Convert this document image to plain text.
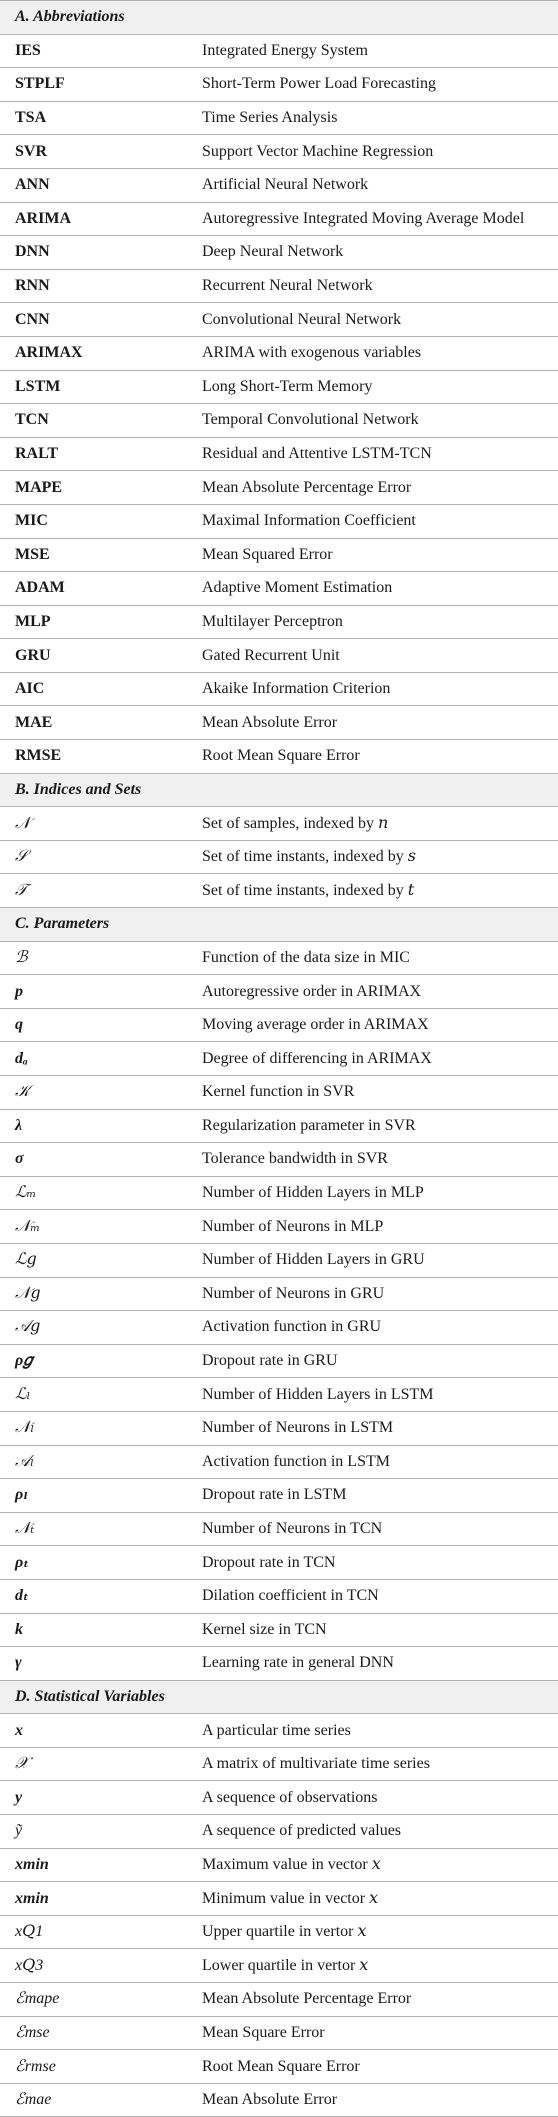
A. Abbreviations	
IES	Integrated Energy System
STPLF	Short-Term Power Load Forecasting
TSA	Time Series Analysis
SVR	Support Vector Machine Regression
ANN	Artificial Neural Network
ARIMA	Autoregressive Integrated Moving Average Model
DNN	Deep Neural Network
RNN	Recurrent Neural Network
CNN	Convolutional Neural Network
ARIMAX	ARIMA with exogenous variables
LSTM	Long Short-Term Memory
TCN	Temporal Convolutional Network
RALT	Residual and Attentive LSTM-TCN
MAPE	Mean Absolute Percentage Error
MIC	Maximal Information Coefficient
MSE	Mean Squared Error
ADAM	Adaptive Moment Estimation
MLP	Multilayer Perceptron
GRU	Gated Recurrent Unit
AIC	Akaike Information Criterion
MAE	Mean Absolute Error
RMSE	Root Mean Square Error
B. Indices and Sets	
𝒩	Set of samples, indexed by 𝑛
𝒮	Set of time instants, indexed by 𝑠
𝒯	Set of time instants, indexed by 𝑡
C. Parameters	
ℬ	Function of the data size in MIC
p	Autoregressive order in ARIMAX
q	Moving average order in ARIMAX
dₐ	Degree of differencing in ARIMAX
𝒦	Kernel function in SVR
λ	Regularization parameter in SVR
σ	Tolerance bandwidth in SVR
ℒₘ	Number of Hidden Layers in MLP
𝒩ₘ	Number of Neurons in MLP
ℒ𝑔	Number of Hidden Layers in GRU
𝒩𝑔	Number of Neurons in GRU
𝒜𝑔	Activation function in GRU
ρ𝑔	Dropout rate in GRU
ℒₗ	Number of Hidden Layers in LSTM
𝒩ₗ	Number of Neurons in LSTM
𝒜ₗ	Activation function in LSTM
ρₗ	Dropout rate in LSTM
𝒩ₜ	Number of Neurons in TCN
ρₜ	Dropout rate in TCN
dₜ	Dilation coefficient in TCN
k	Kernel size in TCN
γ	Learning rate in general DNN
D. Statistical Variables	
x	A particular time series
𝒳	A matrix of multivariate time series
y	A sequence of observations
ỹ	A sequence of predicted values
xmin	Maximum value in vector 𝑥
xmin	Minimum value in vector 𝑥
x𝑄1	Upper quartile in vertor 𝑥
x𝑄3	Lower quartile in vertor 𝑥
ℰmape	Mean Absolute Percentage Error
ℰmse	Mean Square Error
ℰrmse	Root Mean Square Error
ℰmae	Mean Absolute Error
